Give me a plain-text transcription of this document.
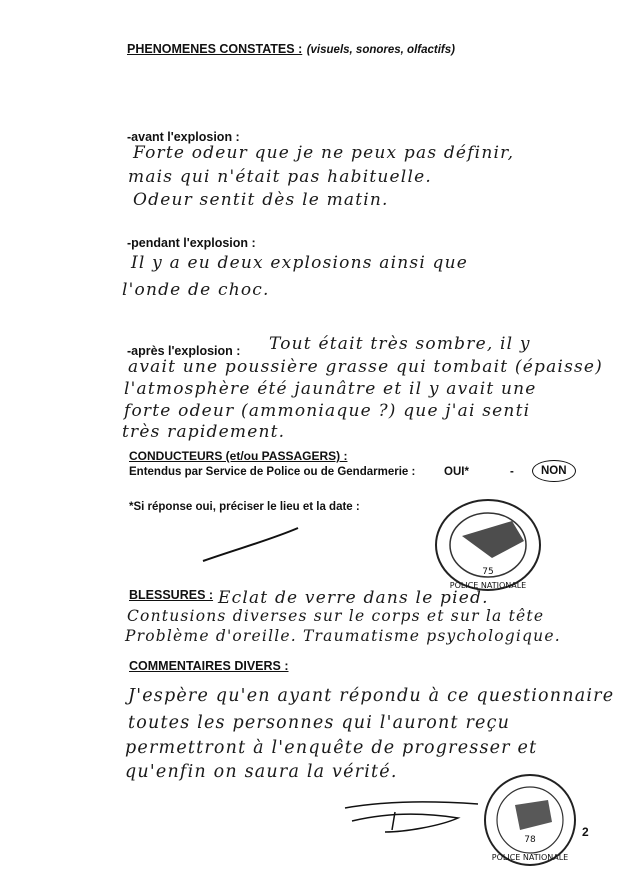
PHENOMENES CONSTATES : (visuels, sonores, olfactifs)
-avant l'explosion :
Forte odeur que je ne peux pas définir,
mais qui n'était pas habituelle.
Odeur sentit dès le matin.
-pendant l'explosion :
Il y a eu deux explosions ainsi que
l'onde de choc.
-après l'explosion : Tout était très sombre, il y
avait une poussière grasse qui tombait (épaisse)
l'atmosphère été jaunâtre et il y avait une
forte odeur (ammoniaque ?) que j'ai senti
très rapidement.
CONDUCTEURS (et/ou PASSAGERS) :
Entendus par Service de Police ou de Gendarmerie : OUI*	-	NON
*Si réponse oui, préciser le lieu et la date :
75
POLICE NATIONALE
BLESSURES : Eclat de verre dans le pied.
Contusions diverses sur le corps et sur la tête
Problème d'oreille. Traumatisme psychologique.
COMMENTAIRES DIVERS :
J'espère qu'en ayant répondu à ce questionnaire
toutes les personnes qui l'auront reçu
permettront à l'enquête de progresser et
qu'enfin on saura la vérité.
78
POLICE NATIONALE
2
